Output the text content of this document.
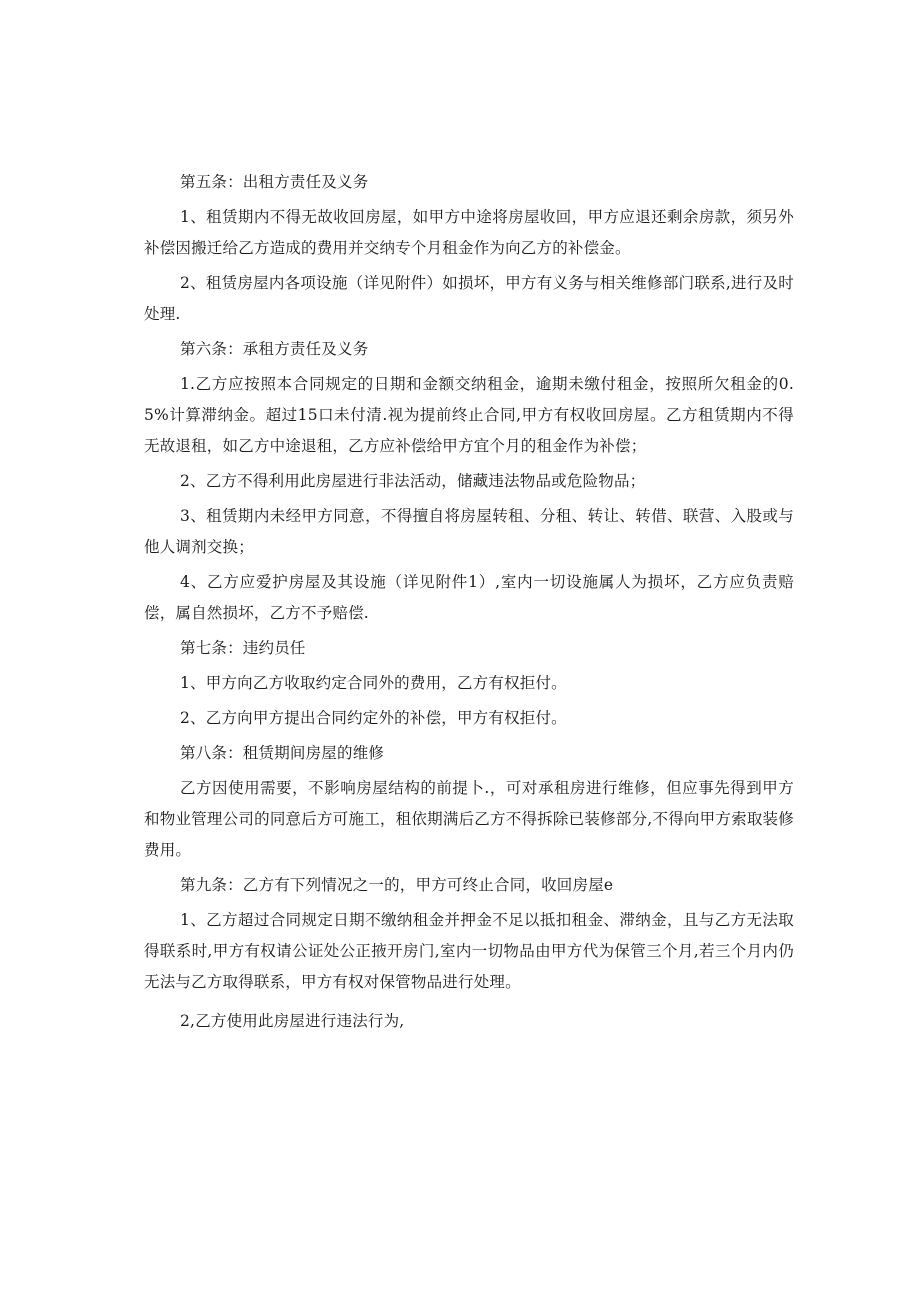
第五条：出租方责任及义务

1、租赁期内不得无故收回房屋，如甲方中途将房屋收回，甲方应退还剩余房款，须另外补偿因搬迁给乙方造成的费用并交纳专个月租金作为向乙方的补偿金。

2、租赁房屋内各项设施（详见附件）如损坏，甲方有义务与相关维修部门联系,进行及时处理.

第六条：承租方责任及义务

1.乙方应按照本合同规定的日期和金额交纳租金，逾期未缴付租金，按照所欠租金的0.5%计算滞纳金。超过15口未付清.视为提前终止合同,甲方有权收回房屋。乙方租赁期内不得无故退租，如乙方中途退租，乙方应补偿给甲方宜个月的租金作为补偿；

2、乙方不得利用此房屋进行非法活动，储藏违法物品或危险物品；

3、租赁期内未经甲方同意，不得擅自将房屋转租、分租、转让、转借、联营、入股或与他人调剂交换；

4、乙方应爱护房屋及其设施（详见附件1）,室内一切设施属人为损坏，乙方应负责赔偿，属自然损坏，乙方不予赔偿.

第七条：违约员任

1、甲方向乙方收取约定合同外的费用，乙方有权拒付。

2、乙方向甲方提出合同约定外的补偿，甲方有权拒付。

第八条：租赁期间房屋的维修

乙方因使用需要，不影响房屋结构的前提卜.，可对承租房进行维修，但应事先得到甲方和物业管理公司的同意后方可施工，租依期满后乙方不得拆除已装修部分,不得向甲方索取装修费用。

第九条：乙方有下列情况之一的，甲方可终止合同，收回房屋e

1、乙方超过合同规定日期不缴纳租金并押金不足以抵扣租金、滞纳金，且与乙方无法取得联系时,甲方有权请公证处公正掖开房门,室内一切物品由甲方代为保管三个月,若三个月内仍无法与乙方取得联系，甲方有权对保管物品进行处理。

2,乙方使用此房屋进行违法行为,
